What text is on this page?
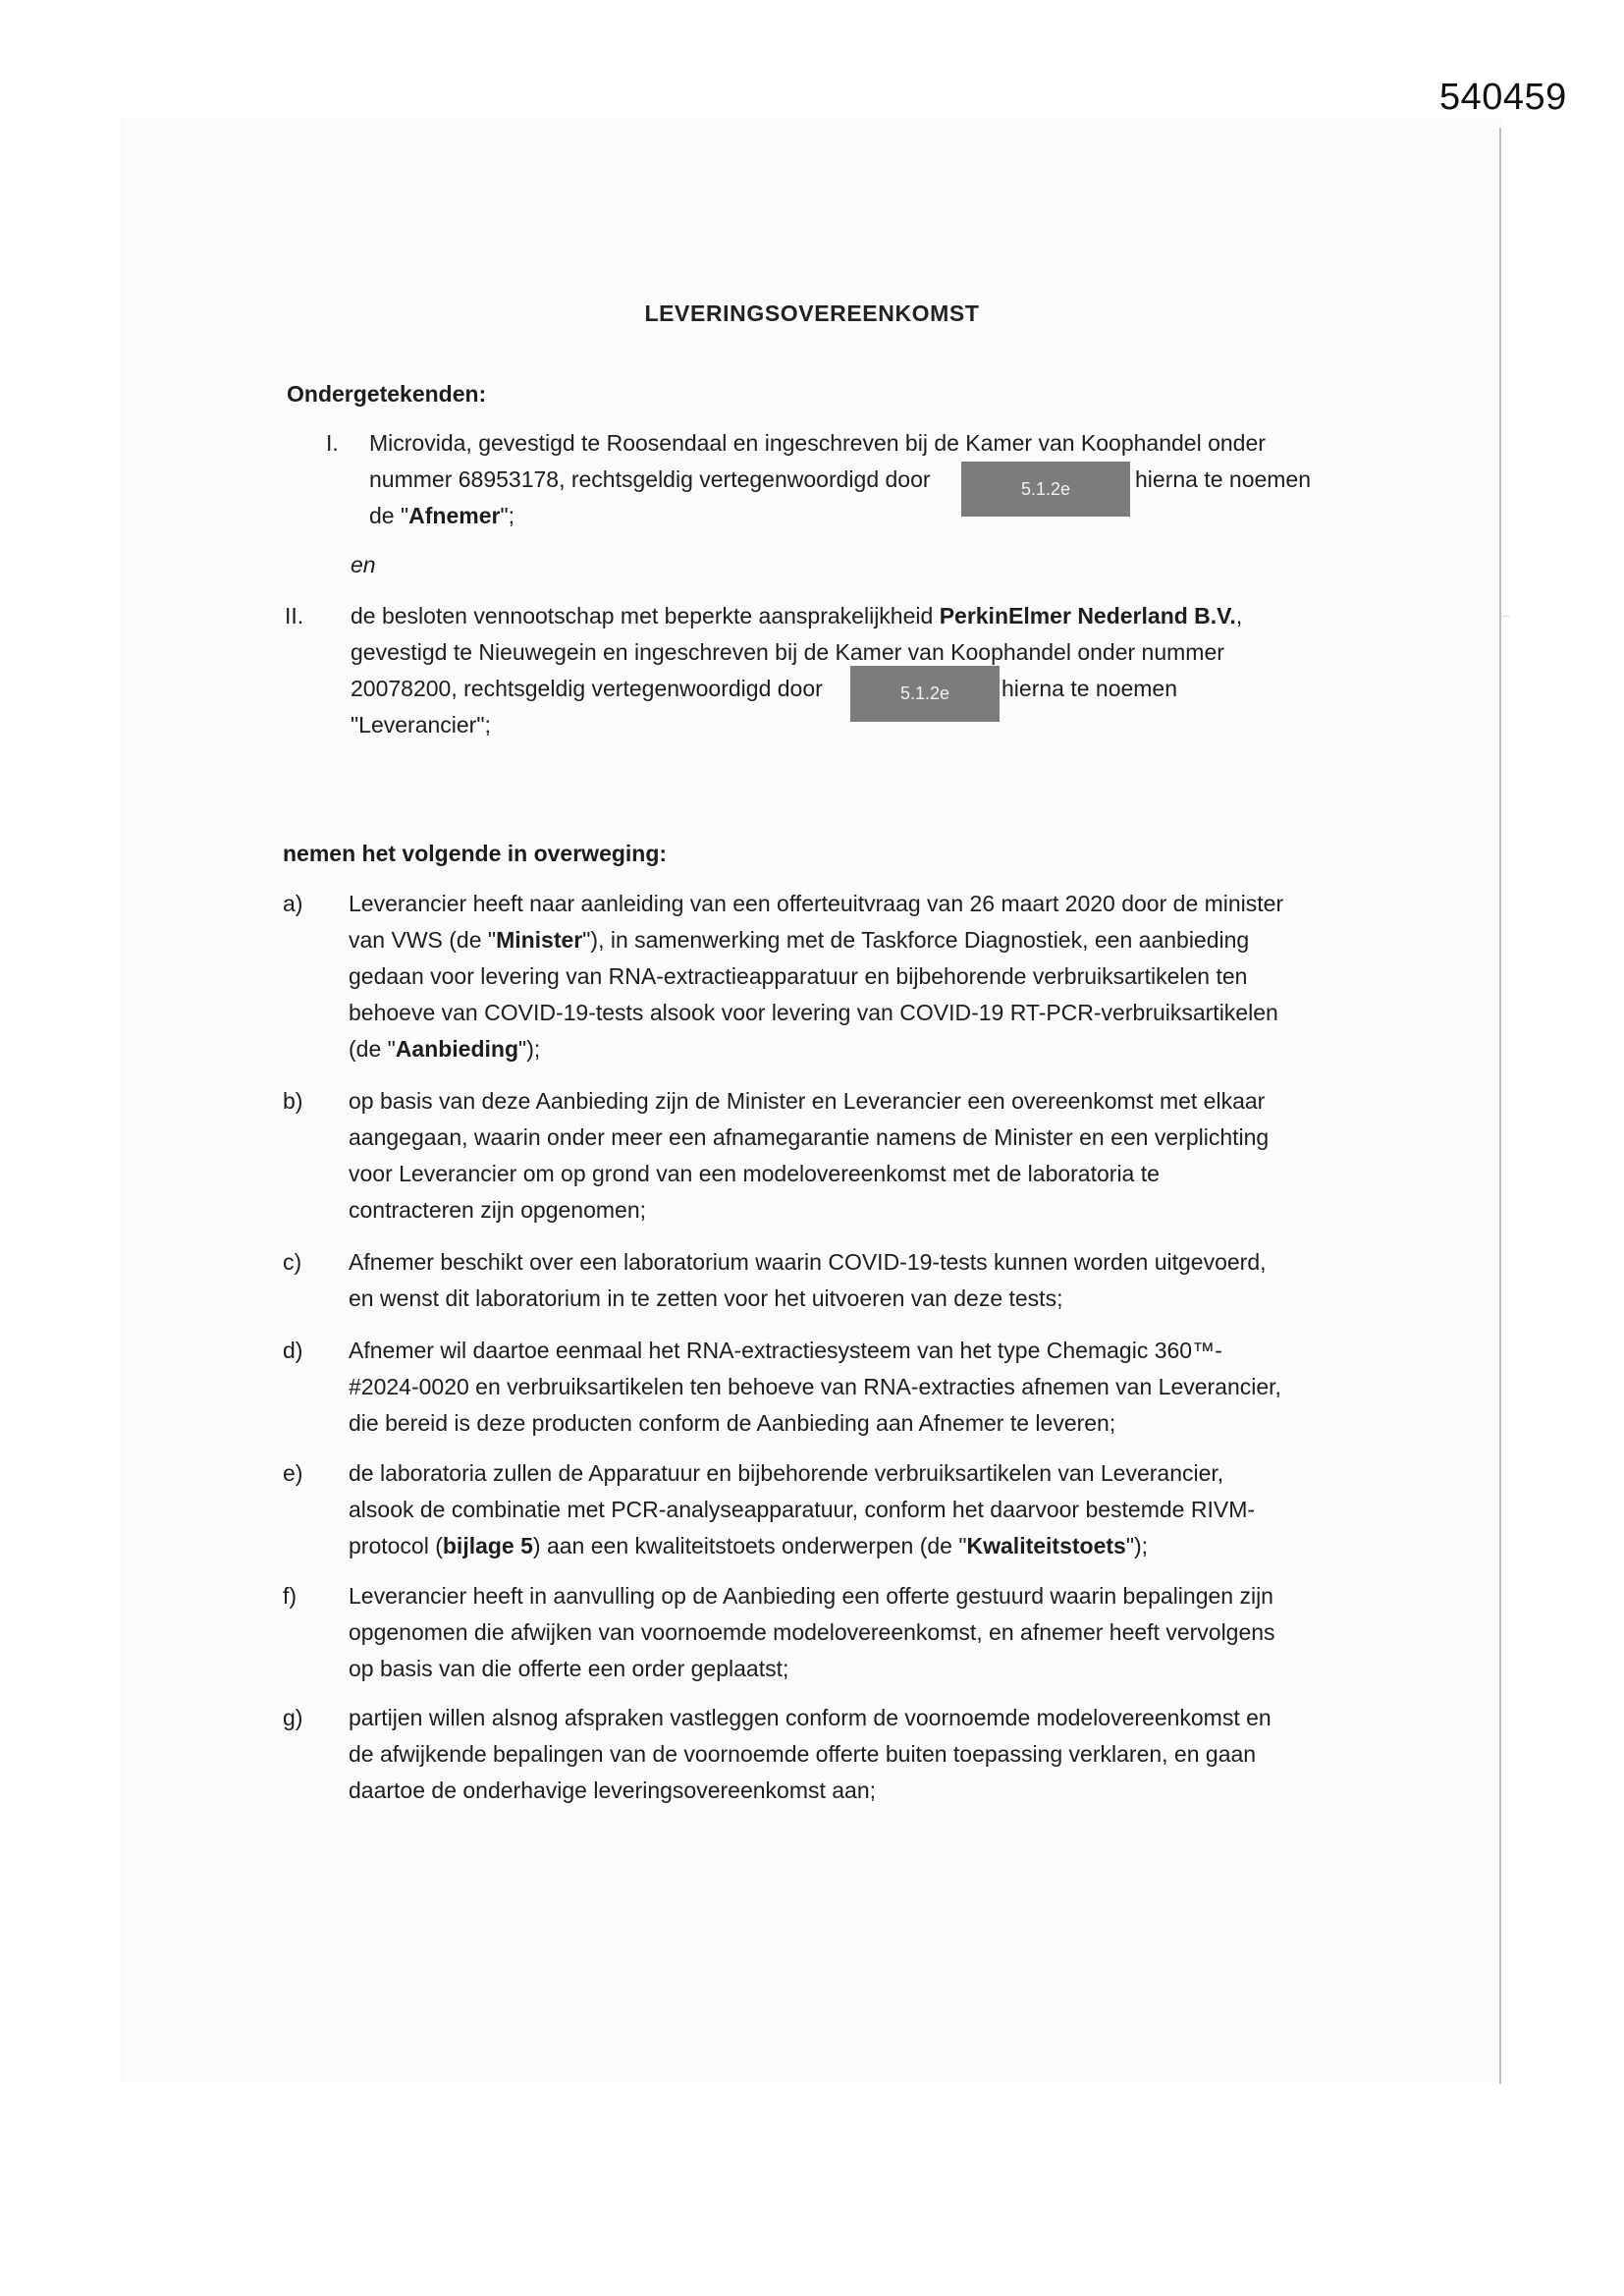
540459
LEVERINGSOVEREENKOMST
Ondergetekenden:
I. Microvida, gevestigd te Roosendaal en ingeschreven bij de Kamer van Koophandel onder
nummer 68953178, rechtsgeldig vertegenwoordigd door	5.1.2e	hierna te noemen
de "Afnemer";
en
II. de besloten vennootschap met beperkte aansprakelijkheid PerkinElmer Nederland B.V.,
gevestigd te Nieuwegein en ingeschreven bij de Kamer van Koophandel onder nummer
20078200, rechtsgeldig vertegenwoordigd door	5.1.2e	hierna te noemen
"Leverancier";
nemen het volgende in overweging:
a) Leverancier heeft naar aanleiding van een offerteuitvraag van 26 maart 2020 door de minister
van VWS (de "Minister"), in samenwerking met de Taskforce Diagnostiek, een aanbieding
gedaan voor levering van RNA-extractieapparatuur en bijbehorende verbruiksartikelen ten
behoeve van COVID-19-tests alsook voor levering van COVID-19 RT-PCR-verbruiksartikelen
(de "Aanbieding");
b) op basis van deze Aanbieding zijn de Minister en Leverancier een overeenkomst met elkaar
aangegaan, waarin onder meer een afnamegarantie namens de Minister en een verplichting
voor Leverancier om op grond van een modelovereenkomst met de laboratoria te
contracteren zijn opgenomen;
c) Afnemer beschikt over een laboratorium waarin COVID-19-tests kunnen worden uitgevoerd,
en wenst dit laboratorium in te zetten voor het uitvoeren van deze tests;
d) Afnemer wil daartoe eenmaal het RNA-extractiesysteem van het type Chemagic 360™-
#2024-0020 en verbruiksartikelen ten behoeve van RNA-extracties afnemen van Leverancier,
die bereid is deze producten conform de Aanbieding aan Afnemer te leveren;
e) de laboratoria zullen de Apparatuur en bijbehorende verbruiksartikelen van Leverancier,
alsook de combinatie met PCR-analyseapparatuur, conform het daarvoor bestemde RIVM-
protocol (bijlage 5) aan een kwaliteitstoets onderwerpen (de "Kwaliteitstoets");
f) Leverancier heeft in aanvulling op de Aanbieding een offerte gestuurd waarin bepalingen zijn
opgenomen die afwijken van voornoemde modelovereenkomst, en afnemer heeft vervolgens
op basis van die offerte een order geplaatst;
g) partijen willen alsnog afspraken vastleggen conform de voornoemde modelovereenkomst en
de afwijkende bepalingen van de voornoemde offerte buiten toepassing verklaren, en gaan
daartoe de onderhavige leveringsovereenkomst aan;
